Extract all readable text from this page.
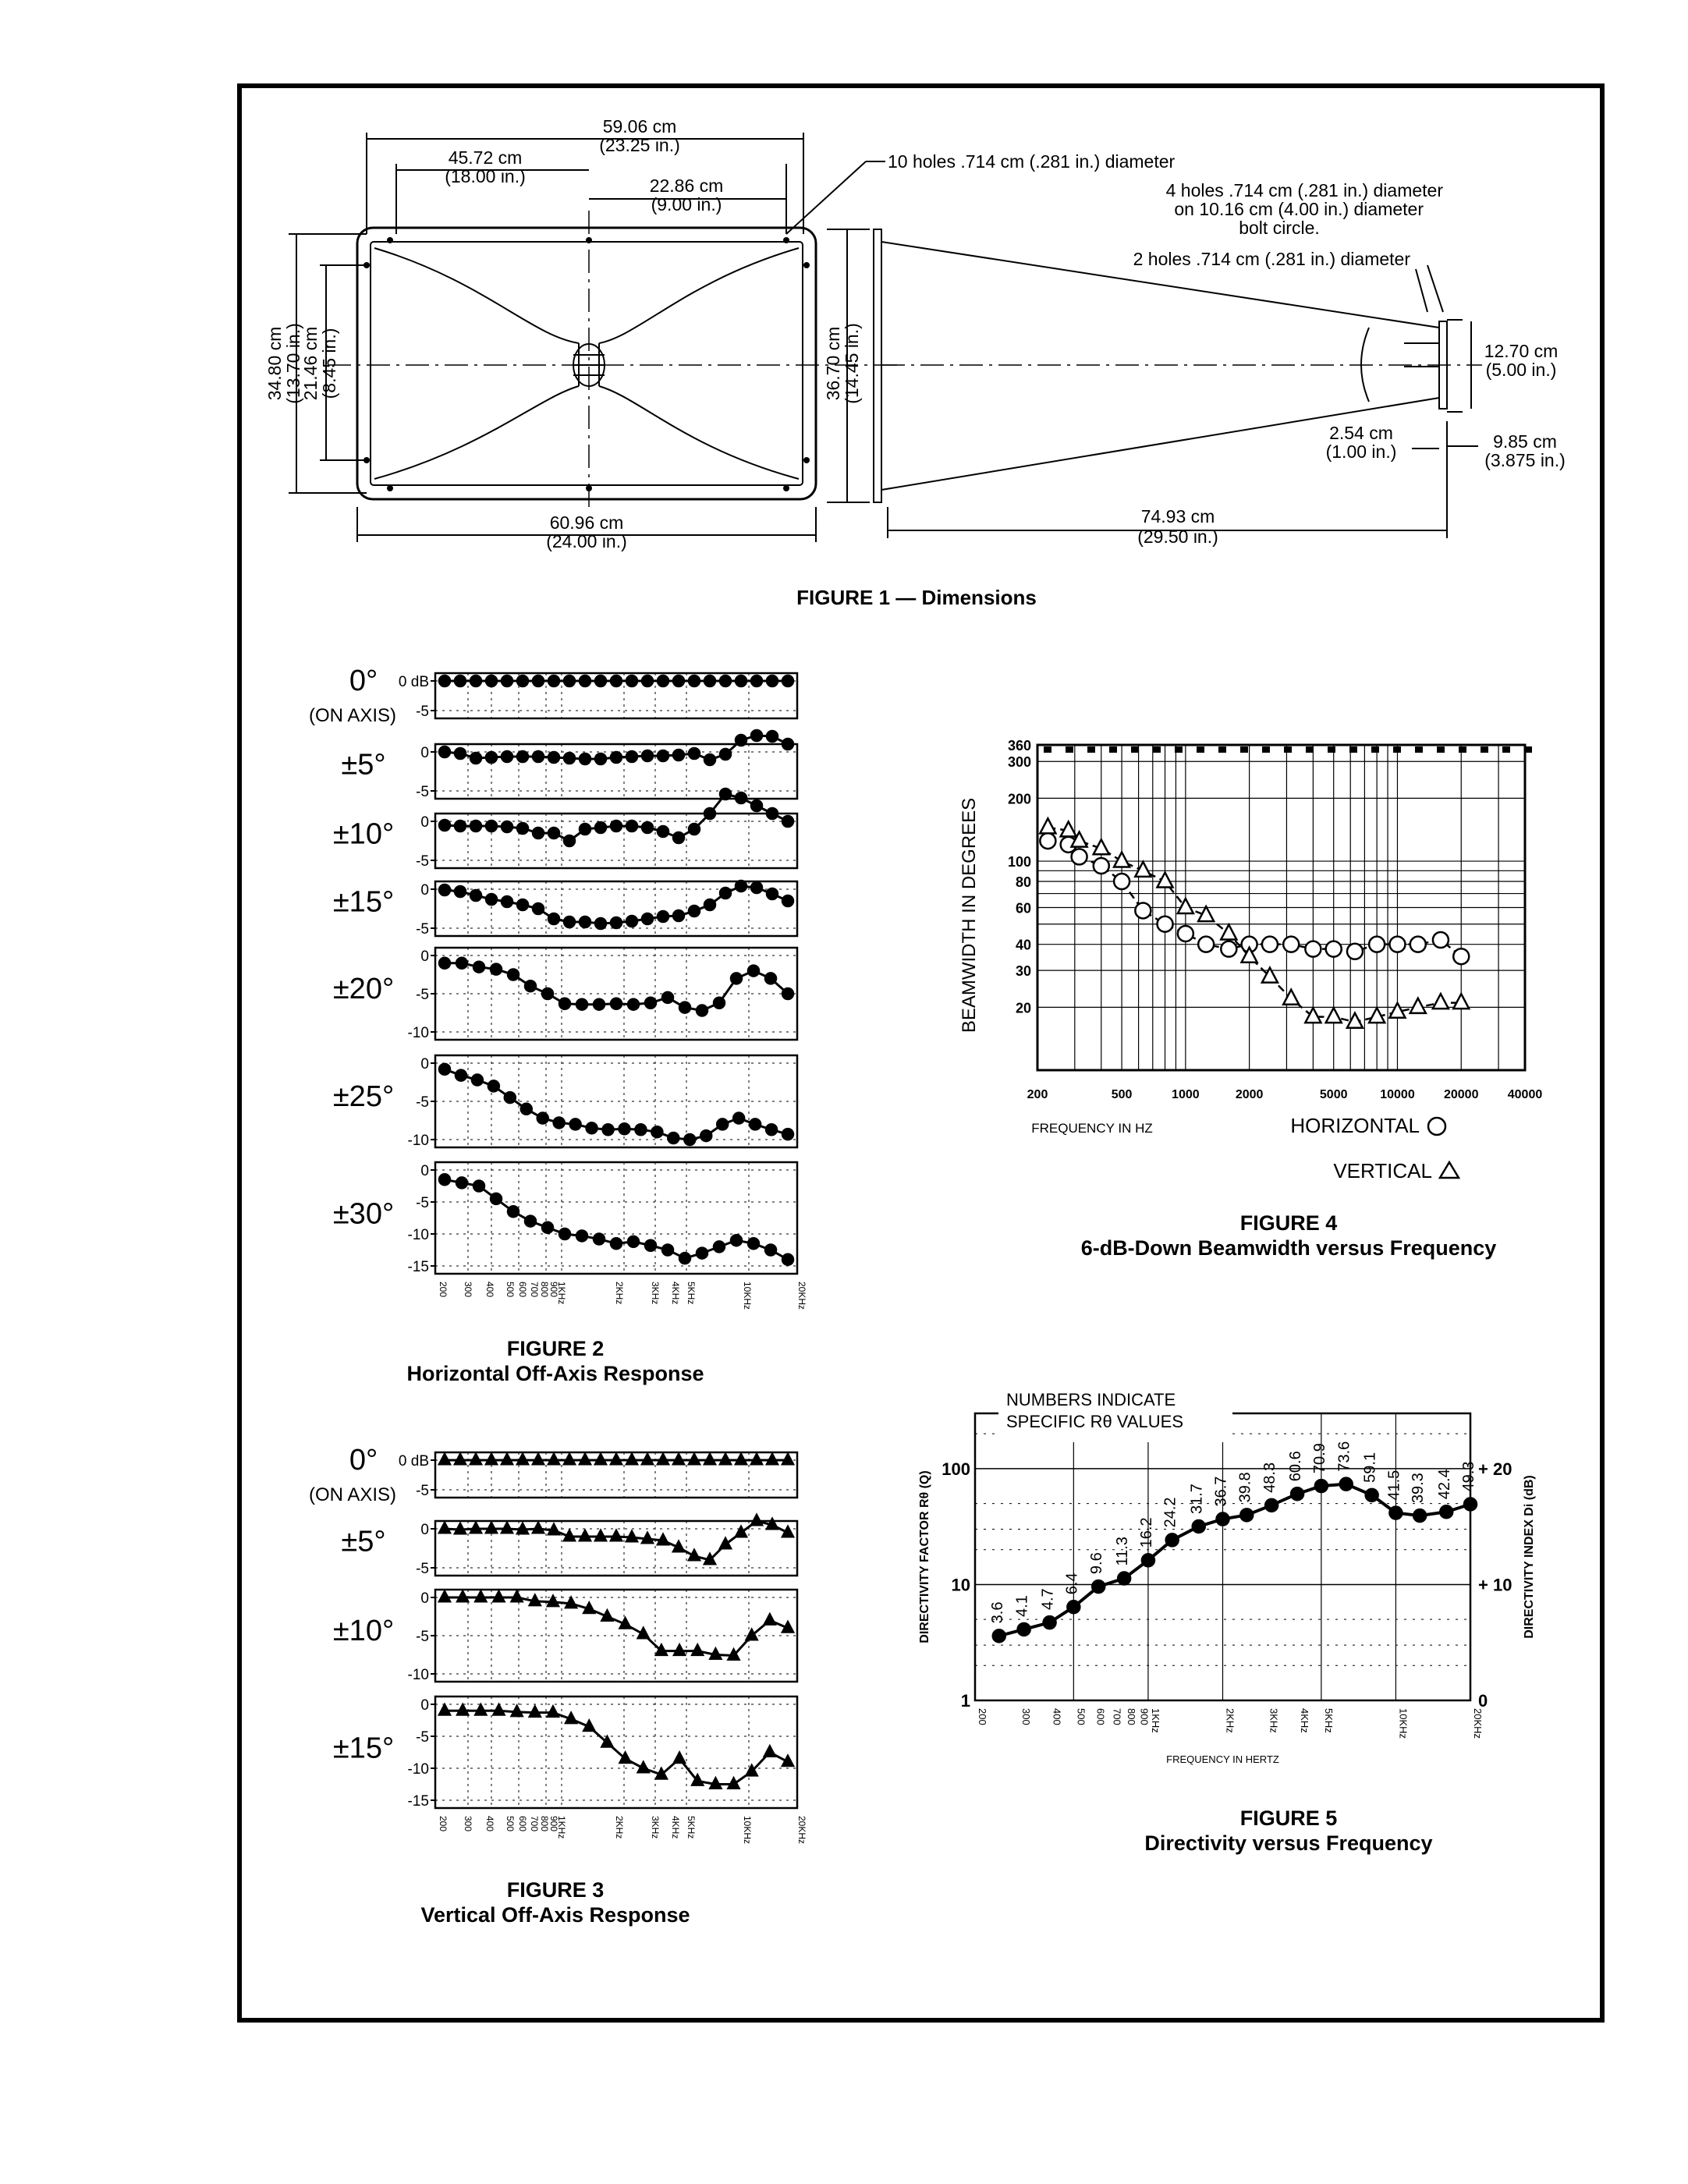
59.06 cm
(23.25 in.)
45.72 cm
(18.00 in.)	22.86 cm
(9.00 in.)
60.96 cm
(24.00 in.)
74.93 cm
(29.50 in.)
34.80 cm
(13.70 in.)
21.46 cm
(8.45 in.)	36.70 cm
(14.45 in.)	12.70 cm
(5.00 in.)
2.54 cm
(1.00 in.)	9.85 cm
(3.875 in.)
10 holes .714 cm (.281 in.) diameter
4 holes .714 cm (.281 in.) diameter
on 10.16 cm (4.00 in.) diameter
bolt circle.
2 holes .714 cm (.281 in.) diameter
FIGURE 1 — Dimensions
0 dB
-5
0°
(ON AXIS)
0
-5
±5°
0
-5
±10°
0
-5
±15°
0
-5
-10
±20°
0
-5
-10
±25°
0
-5
-10
-15
±30°
200 300 400 500 600 700 800
900
1KHz	2KHz	3KHz 4KHz 5KHz	10KHz	20KHz
0 dB
-5
0°
(ON AXIS)
0
-5
±5°
0
-5
-10
±10°
0
-5
-10
-15
±15°
200 300 400 500 600 700 800
900
1KHz	2KHz	3KHz 4KHz 5KHz	10KHz	20KHz
20
30
40
60
80
100
200
300
360
200	500	1000	2000	5000	10000 20000 40000
BEAMWIDTH IN DEGREES
FREQUENCY IN HZ	HORIZONTAL
VERTICAL
NUMBERS INDICATE
SPECIFIC Rθ VALUES
1
10
100
0
+ 10
+ 20
DIRECTIVITY FACTOR Rθ (Q)	DIRECTIVITY INDEX Di (dB)
200	300 400 500 600 700 800 900 1KHz	2KHz	3KHz 4KHz 5KHz	10KHz	20KHz
FREQUENCY IN HERTZ
3.6 4.1 4.7
6.4
9.6 11.3
16.2
24.2 31.7 36.7 39.8 48.3 60.6 70.9 73.6 59.1
41.5 39.3 42.4 49.3
FIGURE 2
Horizontal Off-Axis Response
FIGURE 3
Vertical Off-Axis Response
FIGURE 4
6-dB-Down Beamwidth versus Frequency
FIGURE 5
Directivity versus Frequency
